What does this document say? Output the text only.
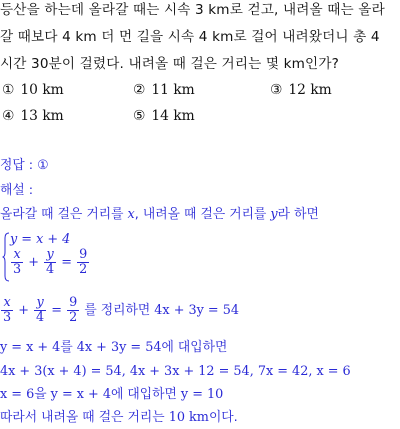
등산을 하는데 올라갈 때는 시속 3 km로 걷고, 내려올 때는 올라
갈 때보다 4 km 더 먼 길을 시속 4 km로 걸어 내려왔더니 총 4
시간 30분이 걸렸다. 내려올 때 걸은 거리는 몇 km인가?
① 10 km	② 11 km	③ 12 km
④ 13 km	⑤ 14 km
정답 : ①
해설 :
올라갈 때 걸은 거리를 x, 내려올 때 걸은 거리를 y라 하면
y = x + 4
$\frac{x}{3} + \frac{y}{4} = \frac{9}{2}$
$\frac{x}{3} + \frac{y}{4} = \frac{9}{2}$ 를 정리하면 4x + 3y = 54
y = x + 4를 4x + 3y = 54에 대입하면
4x + 3(x + 4) = 54, 4x + 3x + 12 = 54, 7x = 42, x = 6
x = 6을 y = x + 4에 대입하면 y = 10
따라서 내려올 때 걸은 거리는 10 km이다.
